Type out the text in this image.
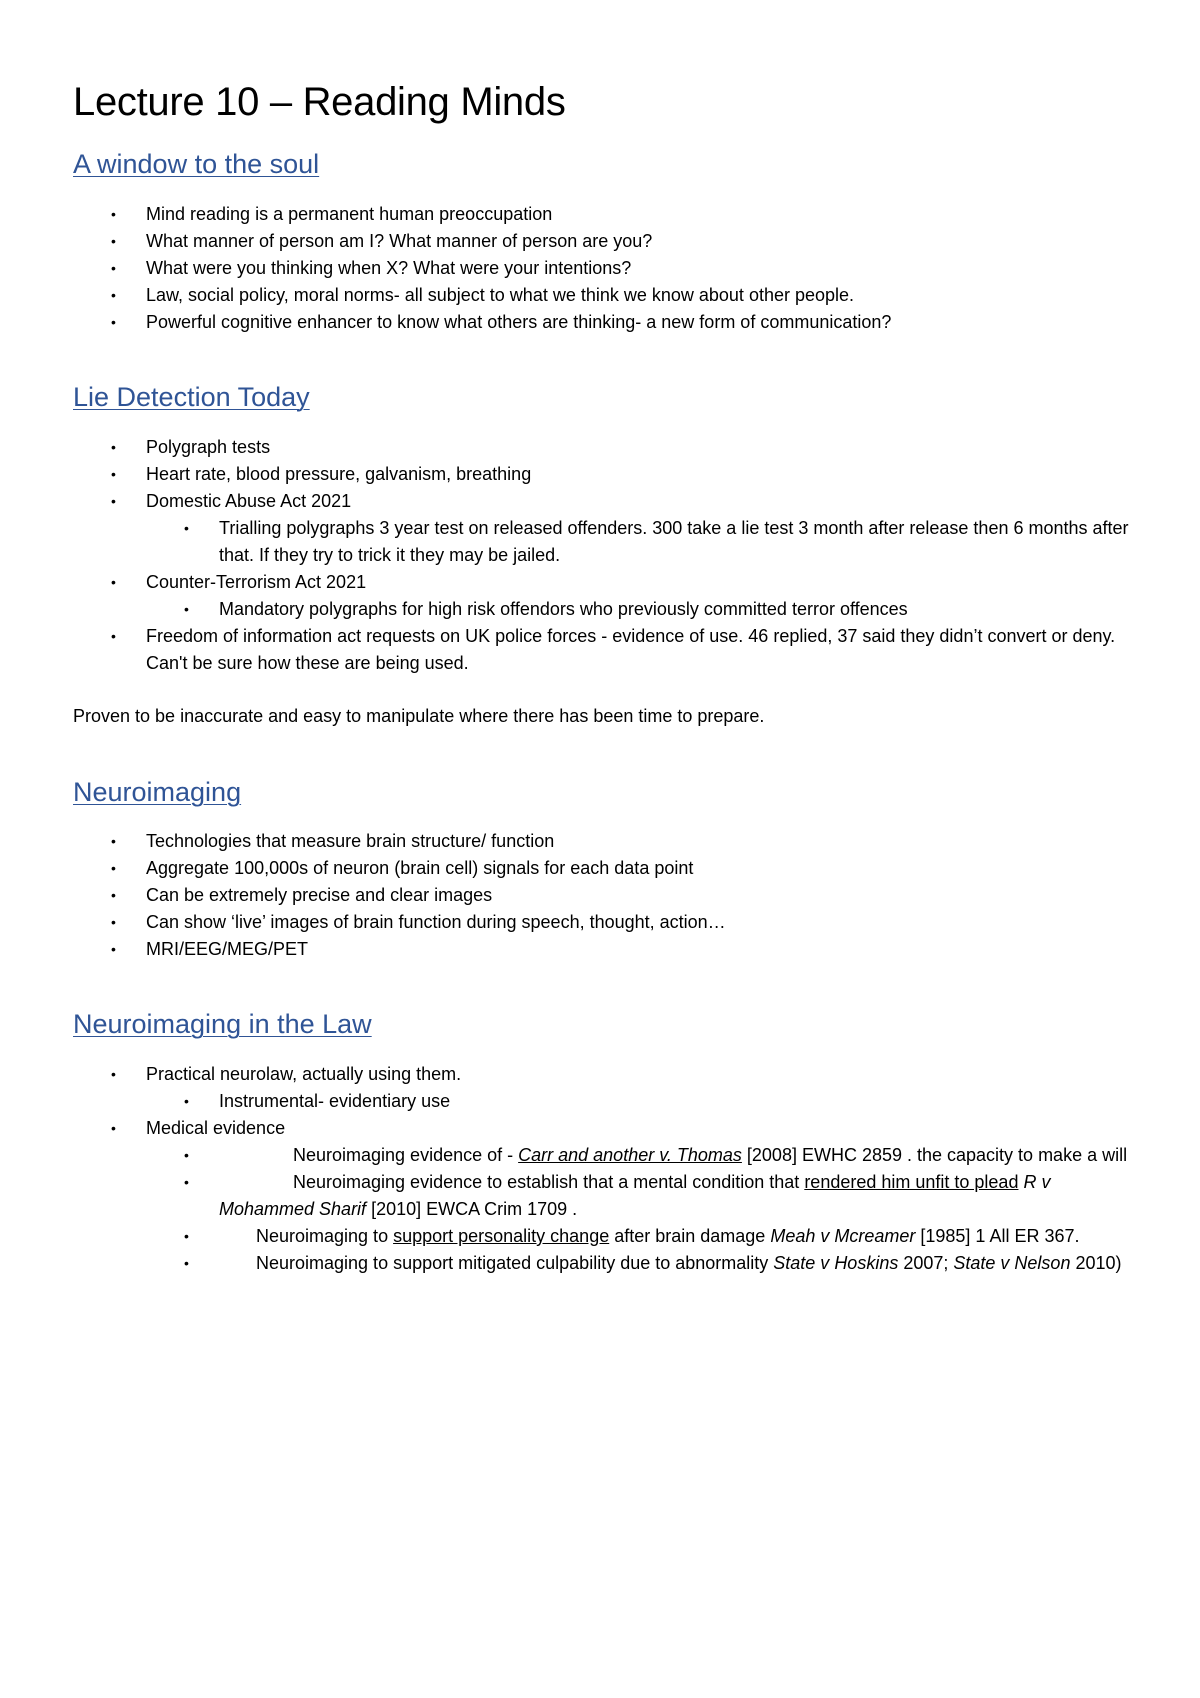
Lecture 10 – Reading Minds
A window to the soul
• Mind reading is a permanent human preoccupation
• What manner of person am I? What manner of person are you?
• What were you thinking when X? What were your intentions?
• Law, social policy, moral norms- all subject to what we think we know about other people.
• Powerful cognitive enhancer to know what others are thinking- a new form of communication?
Lie Detection Today
• Polygraph tests
• Heart rate, blood pressure, galvanism, breathing
• Domestic Abuse Act 2021
• Trialling polygraphs 3 year test on released offenders. 300 take a lie test 3 month after release then 6 months after that. If they try to trick it they may be jailed.
• Counter-Terrorism Act 2021
• Mandatory polygraphs for high risk offendors who previously committed terror offences
• Freedom of information act requests on UK police forces - evidence of use. 46 replied, 37 said they didn’t convert or deny. Can't be sure how these are being used.

Proven to be inaccurate and easy to manipulate where there has been time to prepare.

Neuroimaging
• Technologies that measure brain structure/ function
• Aggregate 100,000s of neuron (brain cell) signals for each data point
• Can be extremely precise and clear images
• Can show ‘live’ images of brain function during speech, thought, action…
• MRI/EEG/MEG/PET
Neuroimaging in the Law
• Practical neurolaw, actually using them.
• Instrumental- evidentiary use
• Medical evidence
•	Neuroimaging evidence of - Carr and another v. Thomas [2008] EWHC 2859 . the capacity to make a will
•	Neuroimaging evidence to establish that a mental condition that rendered him unfit to plead R v Mohammed Sharif [2010] EWCA Crim 1709 .
•	Neuroimaging to support personality change after brain damage Meah v Mcreamer [1985] 1 All ER 367.
•	Neuroimaging to support mitigated culpability due to abnormality State v Hoskins 2007; State v Nelson 2010)
